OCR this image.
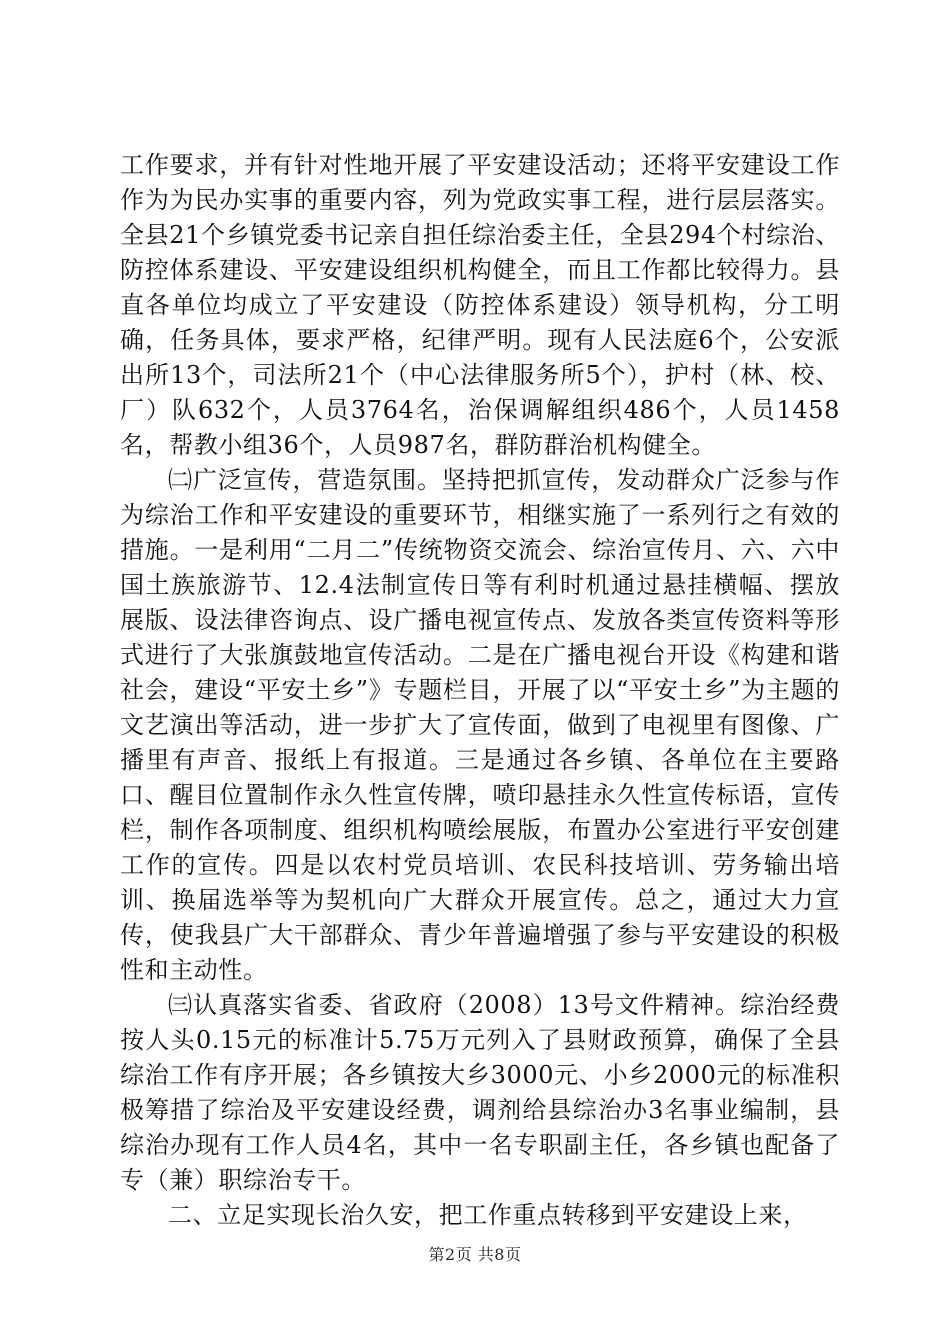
工作要求，并有针对性地开展了平安建设活动；还将平安建设工作作为为民办实事的重要内容，列为党政实事工程，进行层层落实。全县21个乡镇党委书记亲自担任综治委主任，全县294个村综治、防控体系建设、平安建设组织机构健全，而且工作都比较得力。县直各单位均成立了平安建设（防控体系建设）领导机构，分工明确，任务具体，要求严格，纪律严明。现有人民法庭6个，公安派出所13个，司法所21个（中心法律服务所5个），护村（林、校、厂）队632个，人员3764名，治保调解组织486个，人员1458名，帮教小组36个，人员987名，群防群治机构健全。

㈡广泛宣传，营造氛围。坚持把抓宣传，发动群众广泛参与作为综治工作和平安建设的重要环节，相继实施了一系列行之有效的措施。一是利用“二月二”传统物资交流会、综治宣传月、六、六中国土族旅游节、12.4法制宣传日等有利时机通过悬挂横幅、摆放展版、设法律咨询点、设广播电视宣传点、发放各类宣传资料等形式进行了大张旗鼓地宣传活动。二是在广播电视台开设《构建和谐社会，建设“平安土乡”》专题栏目，开展了以“平安土乡”为主题的文艺演出等活动，进一步扩大了宣传面，做到了电视里有图像、广播里有声音、报纸上有报道。三是通过各乡镇、各单位在主要路口、醒目位置制作永久性宣传牌，喷印悬挂永久性宣传标语，宣传栏，制作各项制度、组织机构喷绘展版，布置办公室进行平安创建工作的宣传。四是以农村党员培训、农民科技培训、劳务输出培训、换届选举等为契机向广大群众开展宣传。总之，通过大力宣传，使我县广大干部群众、青少年普遍增强了参与平安建设的积极性和主动性。

㈢认真落实省委、省政府（2008）13号文件精神。综治经费按人头0.15元的标准计5.75万元列入了县财政预算，确保了全县综治工作有序开展；各乡镇按大乡3000元、小乡2000元的标准积极筹措了综治及平安建设经费，调剂给县综治办3名事业编制，县综治办现有工作人员4名，其中一名专职副主任，各乡镇也配备了专（兼）职综治专干。

二、立足实现长治久安，把工作重点转移到平安建设上来，

第2页 共8页
